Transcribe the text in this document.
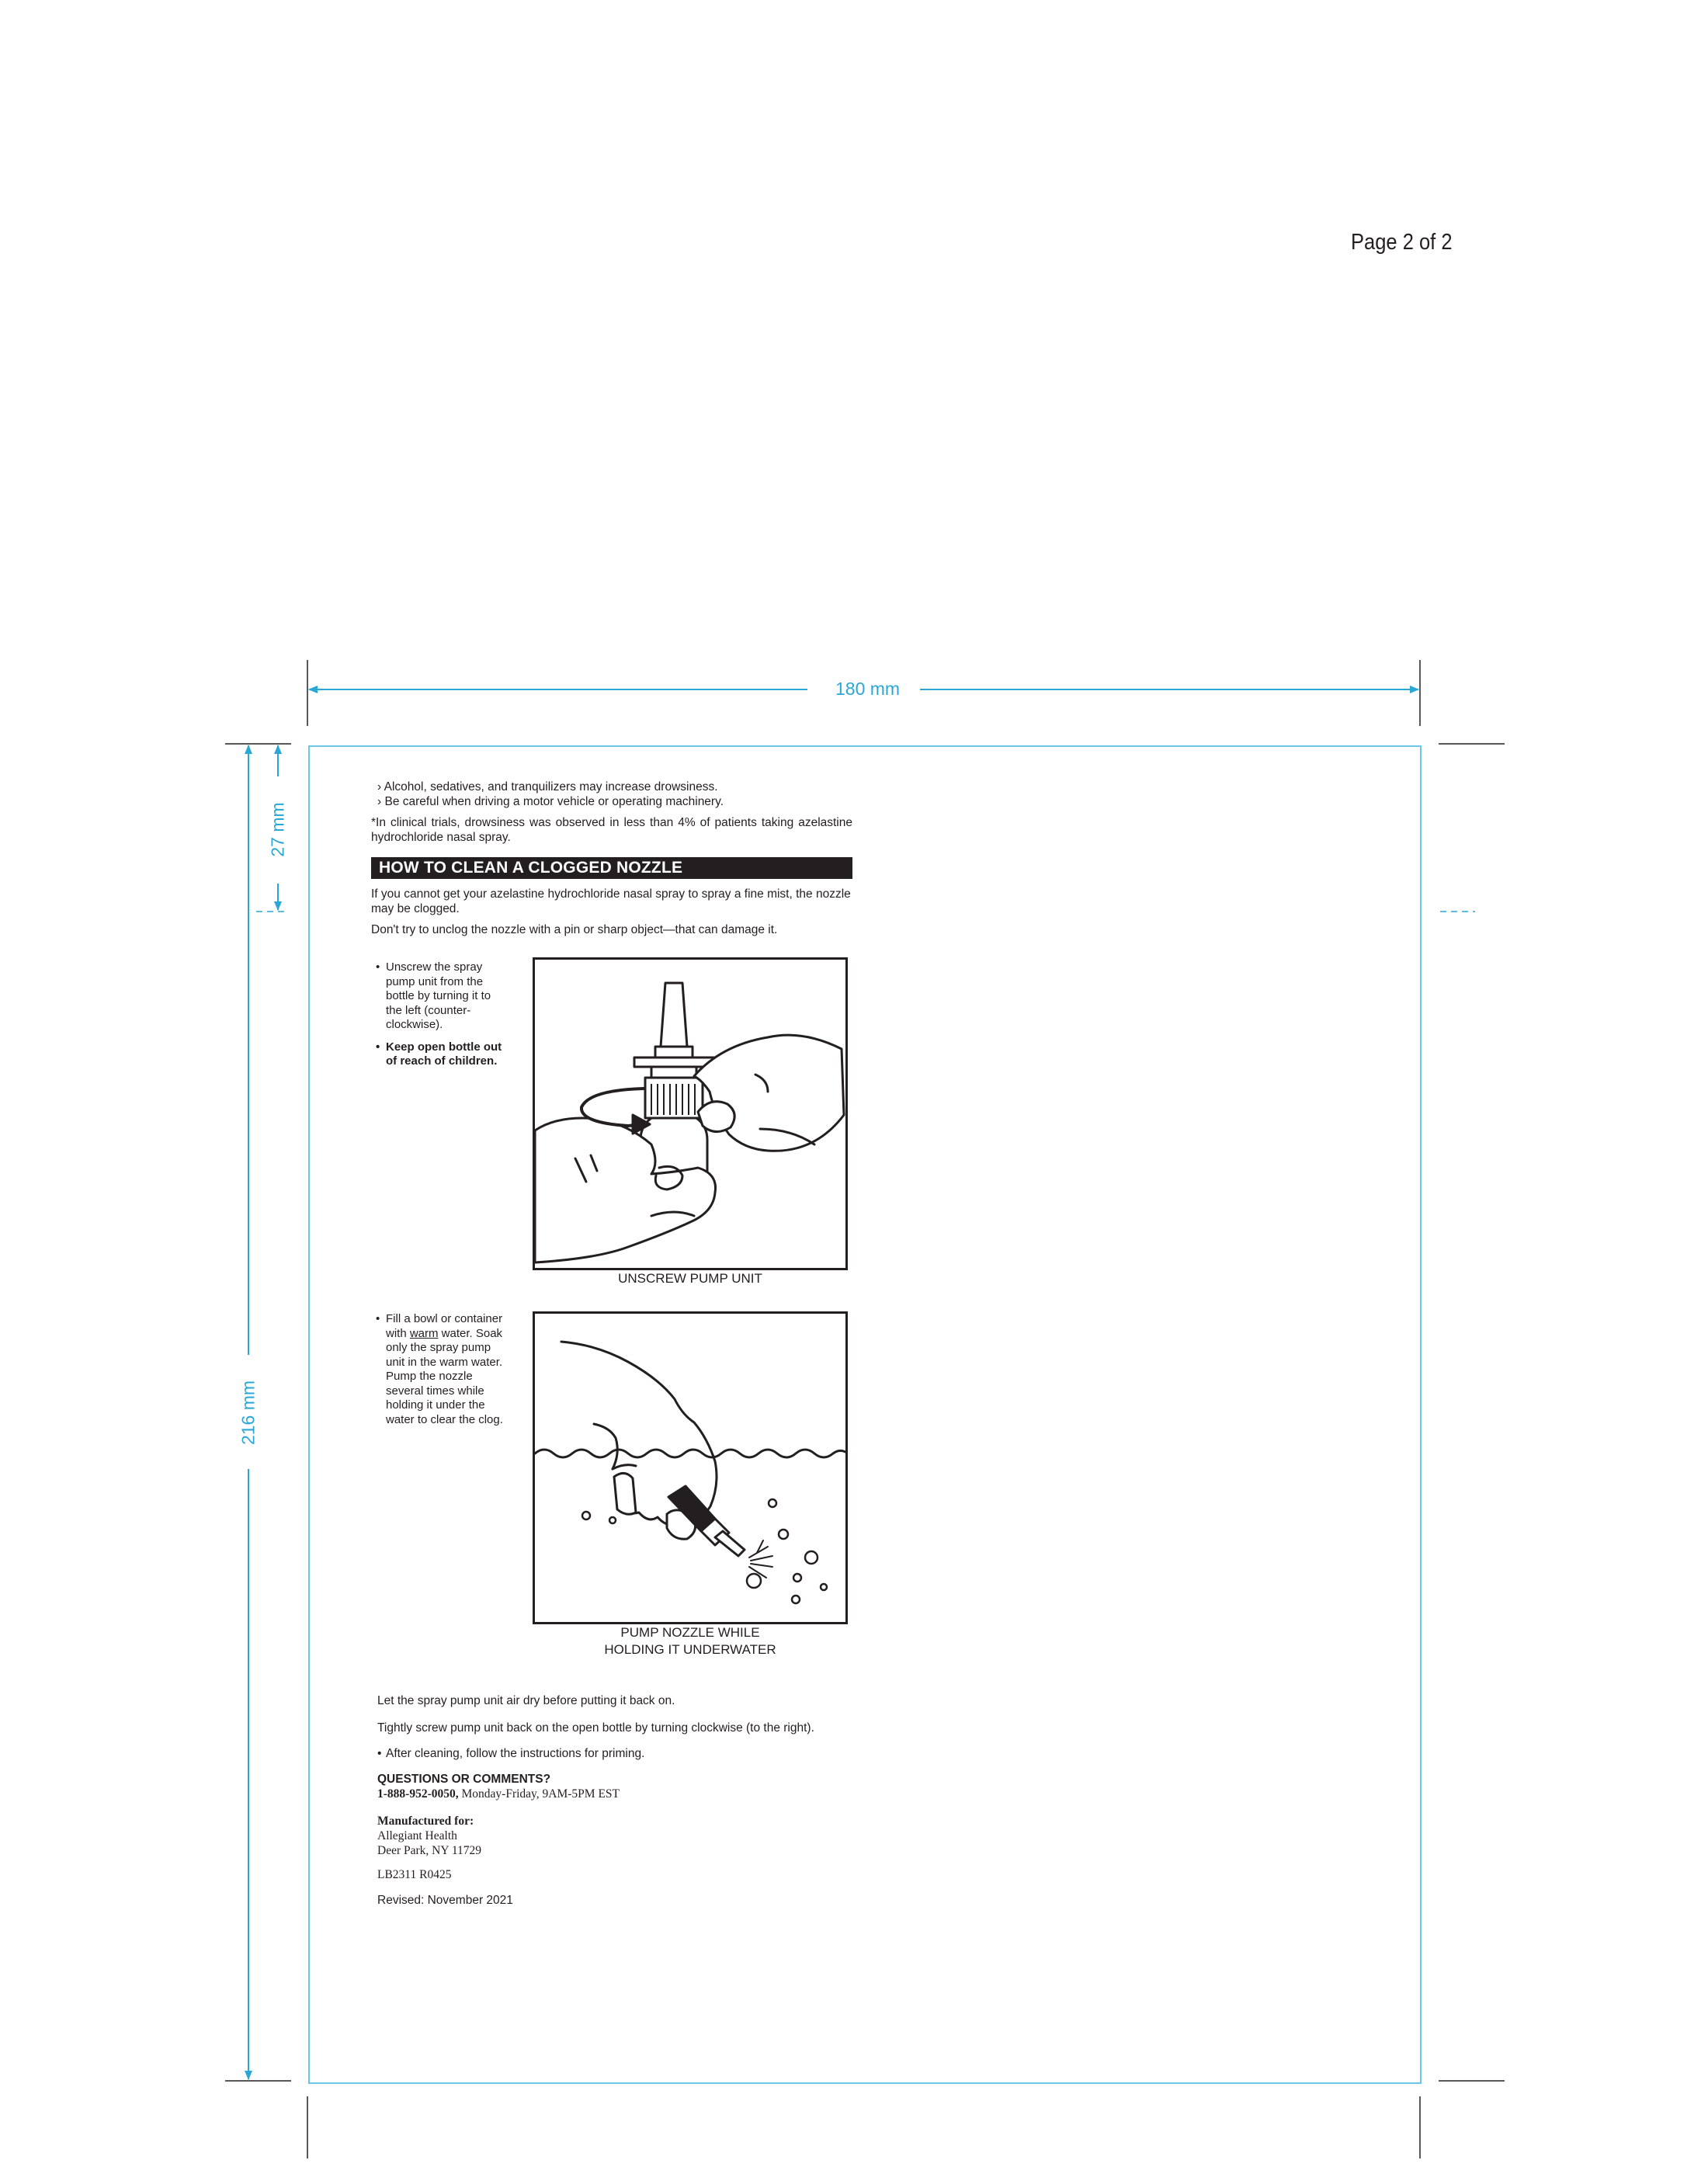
Page 2 of 2
180 mm
27 mm
216 mm
› Alcohol, sedatives, and tranquilizers may increase drowsiness.
› Be careful when driving a motor vehicle or operating machinery.
*In clinical trials, drowsiness was observed in less than 4% of patients taking azelastine hydrochloride nasal spray.
HOW TO CLEAN A CLOGGED NOZZLE
If you cannot get your azelastine hydrochloride nasal spray to spray a fine mist, the nozzle may be clogged.
Don't try to unclog the nozzle with a pin or sharp object—that can damage it.
• Unscrew the spray pump unit from the bottle by turning it to the left (counter-clockwise).
• Keep open bottle out of reach of children.
UNSCREW PUMP UNIT
• Fill a bowl or container with warm water. Soak only the spray pump unit in the warm water. Pump the nozzle several times while holding it under the water to clear the clog.
PUMP NOZZLE WHILE
HOLDING IT UNDERWATER
Let the spray pump unit air dry before putting it back on.
Tightly screw pump unit back on the open bottle by turning clockwise (to the right).
• After cleaning, follow the instructions for priming.
QUESTIONS OR COMMENTS?
1-888-952-0050, Monday-Friday, 9AM-5PM EST
Manufactured for:
Allegiant Health
Deer Park, NY 11729
LB2311 R0425
Revised: November 2021
